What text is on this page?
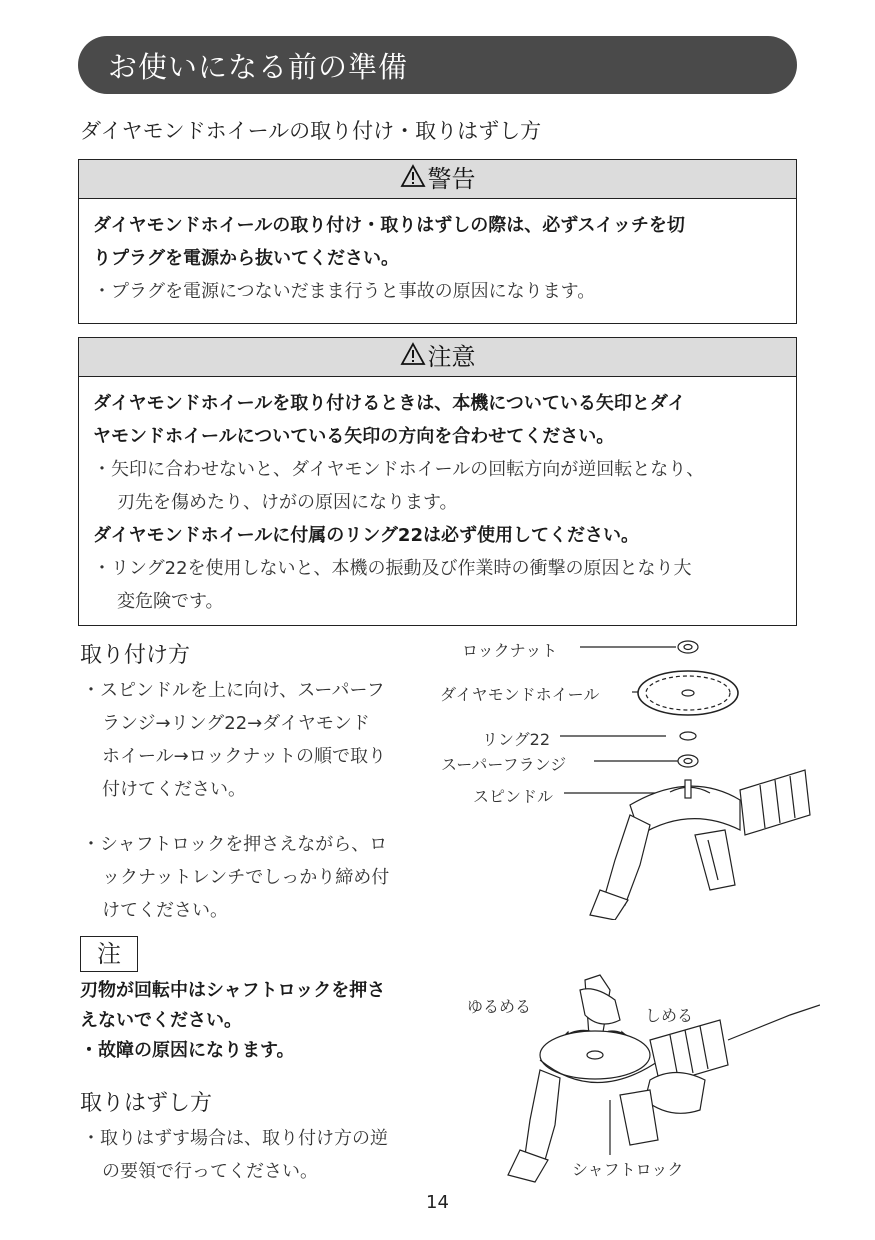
お使いになる前の準備
ダイヤモンドホイールの取り付け・取りはずし方
警告
ダイヤモンドホイールの取り付け・取りはずしの際は、必ずスイッチを切
りプラグを電源から抜いてください。
・プラグを電源につないだまま行うと事故の原因になります。
注意
ダイヤモンドホイールを取り付けるときは、本機についている矢印とダイ
ヤモンドホイールについている矢印の方向を合わせてください。
・矢印に合わせないと、ダイヤモンドホイールの回転方向が逆回転となり、
刃先を傷めたり、けがの原因になります。
ダイヤモンドホイールに付属のリング22は必ず使用してください。
・リング22を使用しないと、本機の振動及び作業時の衝撃の原因となり大
変危険です。
取り付け方
・スピンドルを上に向け、スーパーフ
ランジ→リング22→ダイヤモンド
ホイール→ロックナットの順で取り
付けてください。
・シャフトロックを押さえながら、ロ
ックナットレンチでしっかり締め付
けてください。
注
刃物が回転中はシャフトロックを押さ
えないでください。
・故障の原因になります。
取りはずし方
・取りはずす場合は、取り付け方の逆
の要領で行ってください。
ロックナット
ダイヤモンドホイール
リング22
スーパーフランジ
スピンドル
ゆるめる	しめる
シャフトロック
14
